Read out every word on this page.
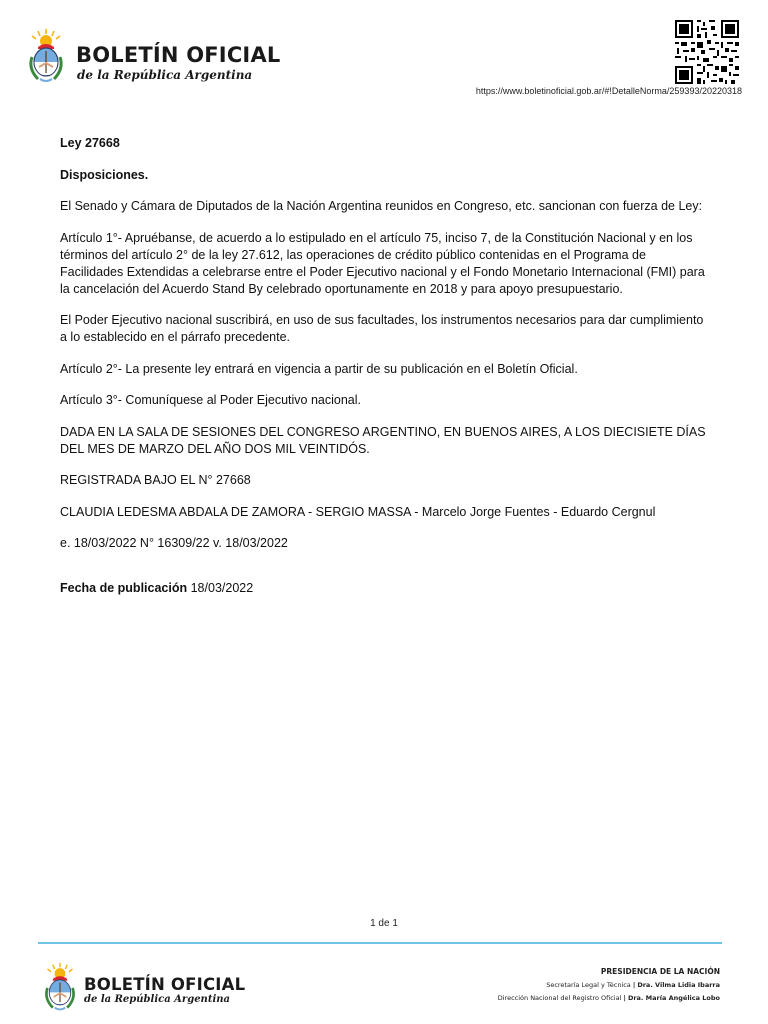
BOLETÍN OFICIAL
de la República Argentina
https://www.boletinoficial.gob.ar/#!DetalleNorma/259393/20220318

Ley 27668

Disposiciones.

El Senado y Cámara de Diputados de la Nación Argentina reunidos en Congreso, etc. sancionan con fuerza de Ley:

Artículo 1°- Apruébanse, de acuerdo a lo estipulado en el artículo 75, inciso 7, de la Constitución Nacional y en los términos del artículo 2° de la ley 27.612, las operaciones de crédito público contenidas en el Programa de Facilidades Extendidas a celebrarse entre el Poder Ejecutivo nacional y el Fondo Monetario Internacional (FMI) para la cancelación del Acuerdo Stand By celebrado oportunamente en 2018 y para apoyo presupuestario.

El Poder Ejecutivo nacional suscribirá, en uso de sus facultades, los instrumentos necesarios para dar cumplimiento a lo establecido en el párrafo precedente.

Artículo 2°- La presente ley entrará en vigencia a partir de su publicación en el Boletín Oficial.

Artículo 3°- Comuníquese al Poder Ejecutivo nacional.

DADA EN LA SALA DE SESIONES DEL CONGRESO ARGENTINO, EN BUENOS AIRES, A LOS DIECISIETE DÍAS DEL MES DE MARZO DEL AÑO DOS MIL VEINTIDÓS.

REGISTRADA BAJO EL N° 27668

CLAUDIA LEDESMA ABDALA DE ZAMORA - SERGIO MASSA - Marcelo Jorge Fuentes - Eduardo Cergnul

e. 18/03/2022 N° 16309/22 v. 18/03/2022

Fecha de publicación 18/03/2022

1 de 1
BOLETÍN OFICIAL
de la República Argentina
PRESIDENCIA DE LA NACIÓN
Secretaría Legal y Técnica | Dra. Vilma Lidia Ibarra
Dirección Nacional del Registro Oficial | Dra. María Angélica Lobo
